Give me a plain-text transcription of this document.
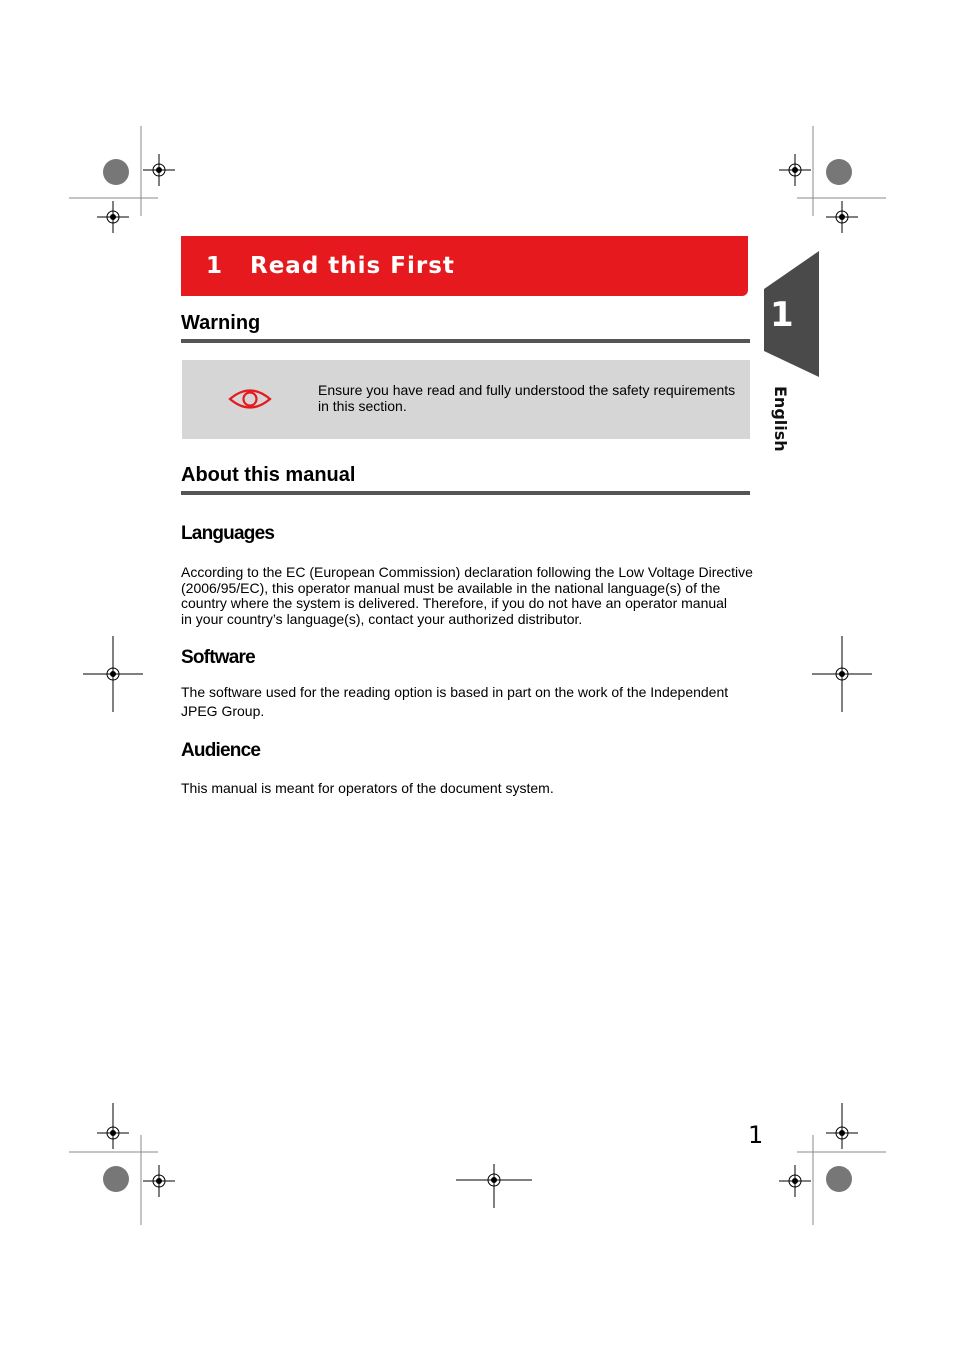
1	Read this First
Warning
Ensure you have read and fully understood the safety requirements
in this section.
About this manual
Languages
According to the EC (European Commission) declaration following the Low Voltage Directive
(2006/95/EC), this operator manual must be available in the national language(s) of the
country where the system is delivered. Therefore, if you do not have an operator manual
in your country’s language(s), contact your authorized distributor.
Software
The software used for the reading option is based in part on the work of the Independent
JPEG Group.
Audience
This manual is meant for operators of the document system.
1
English
1
